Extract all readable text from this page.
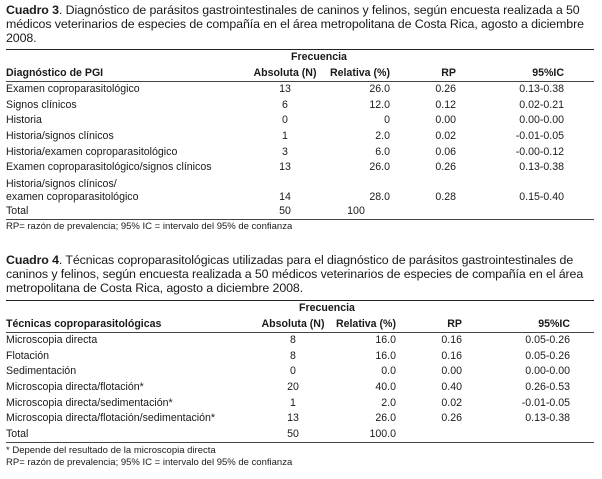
Cuadro 3. Diagnóstico de parásitos gastrointestinales de caninos y felinos, según encuesta realizada a 50 médicos veterinarios de especies de compañía en el área metropolitana de Costa Rica, agosto a diciembre 2008.

	Frecuencia			
Diagnóstico de PGI	Absoluta (N)	Relativa (%)	RP	95%IC
Examen coproparasitológico	13	26.0	0.26	0.13-0.38
Signos clínicos	6	12.0	0.12	0.02-0.21
Historia	0	0	0.00	0.00-0.00
Historia/signos clínicos	1	2.0	0.02	-0.01-0.05
Historia/examen coproparasitológico	3	6.0	0.06	-0.00-0.12
Examen coproparasitológico/signos clínicos	13	26.0	0.26	0.13-0.38

Historia/signos clínicos/
examen coproparasitológico	14	28.0	0.28	0.15-0.40
Total	50	100		

RP= razón de prevalencia; 95% IC = intervalo del 95% de confianza

Cuadro 4. Técnicas coproparasitológicas utilizadas para el diagnóstico de parásitos gastrointestinales de caninos y felinos, según encuesta realizada a 50 médicos veterinarios de especies de compañía en el área metropolitana de Costa Rica, agosto a diciembre 2008.

	Frecuencia			
Técnicas coproparasitológicas	Absoluta (N)	Relativa (%)	RP	95%IC
Microscopia directa	8	16.0	0.16	0.05-0.26
Flotación	8	16.0	0.16	0.05-0.26
Sedimentación	0	0.0	0.00	0.00-0.00
Microscopia directa/flotación*	20	40.0	0.40	0.26-0.53
Microscopia directa/sedimentación*	1	2.0	0.02	-0.01-0.05
Microscopia directa/flotación/sedimentación*	13	26.0	0.26	0.13-0.38
Total	50	100.0		

* Depende del resultado de la microscopia directa

RP= razón de prevalencia; 95% IC = intervalo del 95% de confianza
